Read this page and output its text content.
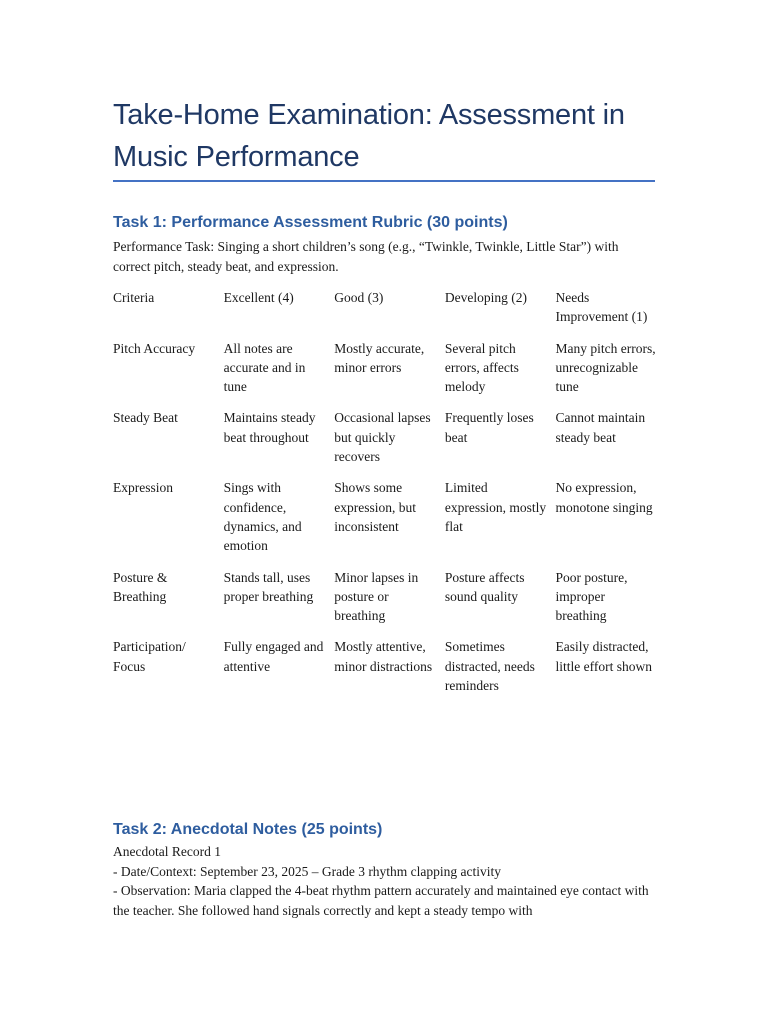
Take-Home Examination: Assessment in Music Performance
Task 1: Performance Assessment Rubric (30 points)

Performance Task: Singing a short children’s song (e.g., “Twinkle, Twinkle, Little Star”) with correct pitch, steady beat, and expression.

Criteria	Excellent (4)	Good (3)	Developing (2)	Needs Improvement (1)
Pitch Accuracy	All notes are accurate and in tune	Mostly accurate, minor errors	Several pitch errors, affects melody	Many pitch errors, unrecognizable tune
Steady Beat	Maintains steady beat throughout	Occasional lapses but quickly recovers	Frequently loses beat	Cannot maintain steady beat
Expression	Sings with confidence, dynamics, and emotion	Shows some expression, but inconsistent	Limited expression, mostly flat	No expression, monotone singing
Posture & Breathing	Stands tall, uses proper breathing	Minor lapses in posture or breathing	Posture affects sound quality	Poor posture, improper breathing
Participation/ Focus	Fully engaged and attentive	Mostly attentive, minor distractions	Sometimes distracted, needs reminders	Easily distracted, little effort shown
Task 2: Anecdotal Notes (25 points)
Anecdotal Record 1
- Date/Context: September 23, 2025 – Grade 3 rhythm clapping activity
- Observation: Maria clapped the 4-beat rhythm pattern accurately and maintained eye contact with the teacher. She followed hand signals correctly and kept a steady tempo with
